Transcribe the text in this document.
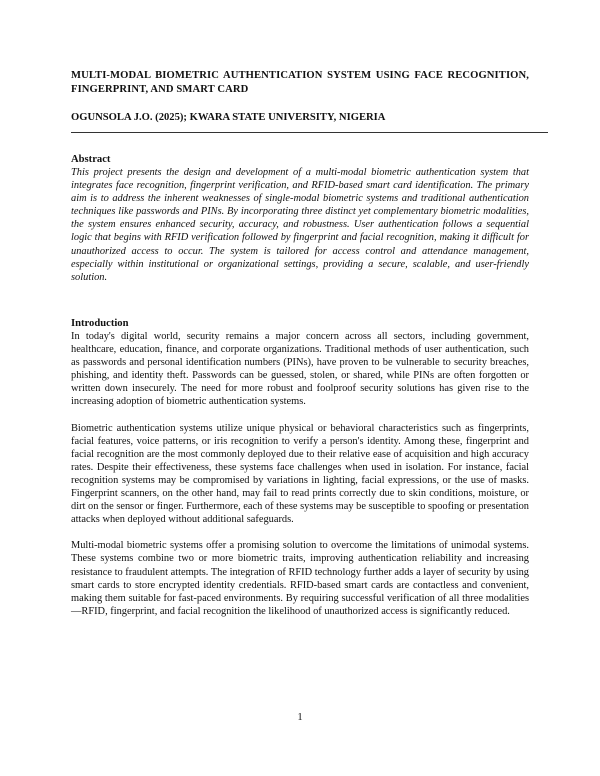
MULTI-MODAL BIOMETRIC AUTHENTICATION SYSTEM USING FACE RECOGNITION, FINGERPRINT, AND SMART CARD

OGUNSOLA J.O. (2025); KWARA STATE UNIVERSITY, NIGERIA

Abstract

This project presents the design and development of a multi-modal biometric authentication system that integrates face recognition, fingerprint verification, and RFID-based smart card identification. The primary aim is to address the inherent weaknesses of single-modal biometric systems and traditional authentication techniques like passwords and PINs. By incorporating three distinct yet complementary biometric modalities, the system ensures enhanced security, accuracy, and robustness. User authentication follows a sequential logic that begins with RFID verification followed by fingerprint and facial recognition, making it difficult for unauthorized access to occur. The system is tailored for access control and attendance management, especially within institutional or organizational settings, providing a secure, scalable, and user-friendly solution.

Introduction

In today's digital world, security remains a major concern across all sectors, including government, healthcare, education, finance, and corporate organizations. Traditional methods of user authentication, such as passwords and personal identification numbers (PINs), have proven to be vulnerable to security breaches, phishing, and identity theft. Passwords can be guessed, stolen, or shared, while PINs are often forgotten or written down insecurely. The need for more robust and foolproof security solutions has given rise to the increasing adoption of biometric authentication systems.

Biometric authentication systems utilize unique physical or behavioral characteristics such as fingerprints, facial features, voice patterns, or iris recognition to verify a person's identity. Among these, fingerprint and facial recognition are the most commonly deployed due to their relative ease of acquisition and high accuracy rates. Despite their effectiveness, these systems face challenges when used in isolation. For instance, facial recognition systems may be compromised by variations in lighting, facial expressions, or the use of masks. Fingerprint scanners, on the other hand, may fail to read prints correctly due to skin conditions, moisture, or dirt on the sensor or finger. Furthermore, each of these systems may be susceptible to spoofing or presentation attacks when deployed without additional safeguards.

Multi-modal biometric systems offer a promising solution to overcome the limitations of unimodal systems. These systems combine two or more biometric traits, improving authentication reliability and increasing resistance to fraudulent attempts. The integration of RFID technology further adds a layer of security by using smart cards to store encrypted identity credentials. RFID-based smart cards are contactless and convenient, making them suitable for fast-paced environments. By requiring successful verification of all three modalities—RFID, fingerprint, and facial recognition the likelihood of unauthorized access is significantly reduced.

1
